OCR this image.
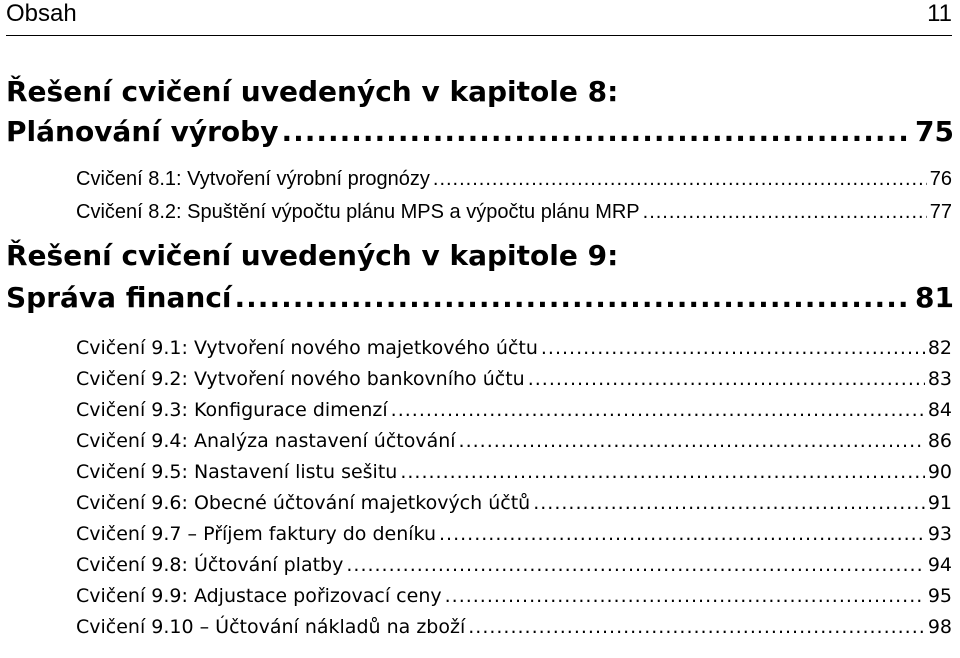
Obsah	11
Řešení cvičení uvedených v kapitole 8:
Plánování výroby .....	75
Cvičení 8.1: Vytvoření výrobní prognózy .....	76
Cvičení 8.2: Spuštění výpočtu plánu MPS a výpočtu plánu MRP .....	77
Řešení cvičení uvedených v kapitole 9:
Správa financí .....	81
Cvičení 9.1: Vytvoření nového majetkového účtu .....	82
Cvičení 9.2: Vytvoření nového bankovního účtu .....	83
Cvičení 9.3: Konfigurace dimenzí .....	84
Cvičení 9.4: Analýza nastavení účtování .....	86
Cvičení 9.5: Nastavení listu sešitu .....	90
Cvičení 9.6: Obecné účtování majetkových účtů .....	91
Cvičení 9.7 – Příjem faktury do deníku .....	93
Cvičení 9.8: Účtování platby .....	94
Cvičení 9.9: Adjustace pořizovací ceny .....	95
Cvičení 9.10 – Účtování nákladů na zboží .....	98
